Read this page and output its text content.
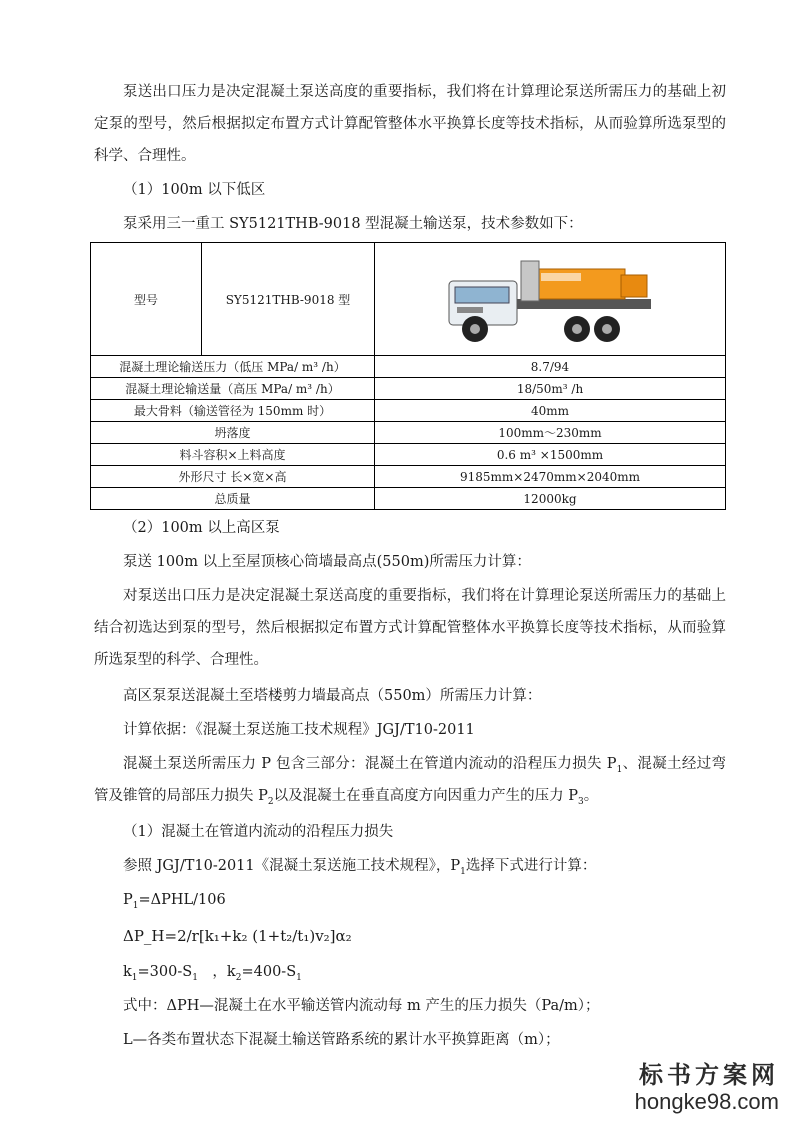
泵送出口压力是决定混凝土泵送高度的重要指标，我们将在计算理论泵送所需压力的基础上初定泵的型号，然后根据拟定布置方式计算配管整体水平换算长度等技术指标，从而验算所选泵型的科学、合理性。
（1）100m 以下低区
泵采用三一重工 SY5121THB-9018 型混凝土输送泵，技术参数如下：
型号	SY5121THB-9018 型	

混凝土理论输送压力（低压 MPa/ m³ /h）		8.7/94
混凝土理论输送量（高压 MPa/ m³ /h）		18/50m³ /h
最大骨料（输送管径为 150mm 时）		40mm
坍落度		100mm～230mm
料斗容积×上料高度		0.6 m³ ×1500mm
外形尺寸 长×宽×高		9185mm×2470mm×2040mm
总质量		12000kg
（2）100m 以上高区泵
泵送 100m 以上至屋顶核心筒墙最高点(550m)所需压力计算：
对泵送出口压力是决定混凝土泵送高度的重要指标，我们将在计算理论泵送所需压力的基础上结合初选达到泵的型号，然后根据拟定布置方式计算配管整体水平换算长度等技术指标，从而验算所选泵型的科学、合理性。
高区泵泵送混凝土至塔楼剪力墙最高点（550m）所需压力计算：
计算依据：《混凝土泵送施工技术规程》JGJ/T10-2011
混凝土泵送所需压力 P 包含三部分：混凝土在管道内流动的沿程压力损失 $P_1$、混凝土经过弯管及锥管的局部压力损失 $P_2$以及混凝土在垂直高度方向因重力产生的压力 $P_3$。
（1）混凝土在管道内流动的沿程压力损失
参照 JGJ/T10-2011《混凝土泵送施工技术规程》，$P_1$选择下式进行计算：
$P_1=\Delta PHL/106$
ΔP_H=2/r[k₁+k₂ (1+t₂/t₁)v₂]α₂
$k_1=300-S_1$　，$k_2=400-S_1$
式中：ΔPH—混凝土在水平输送管内流动每 m 产生的压力损失（Pa/m）；
L—各类布置状态下混凝土输送管路系统的累计水平换算距离（m）；
标书方案网
hongke98.com
